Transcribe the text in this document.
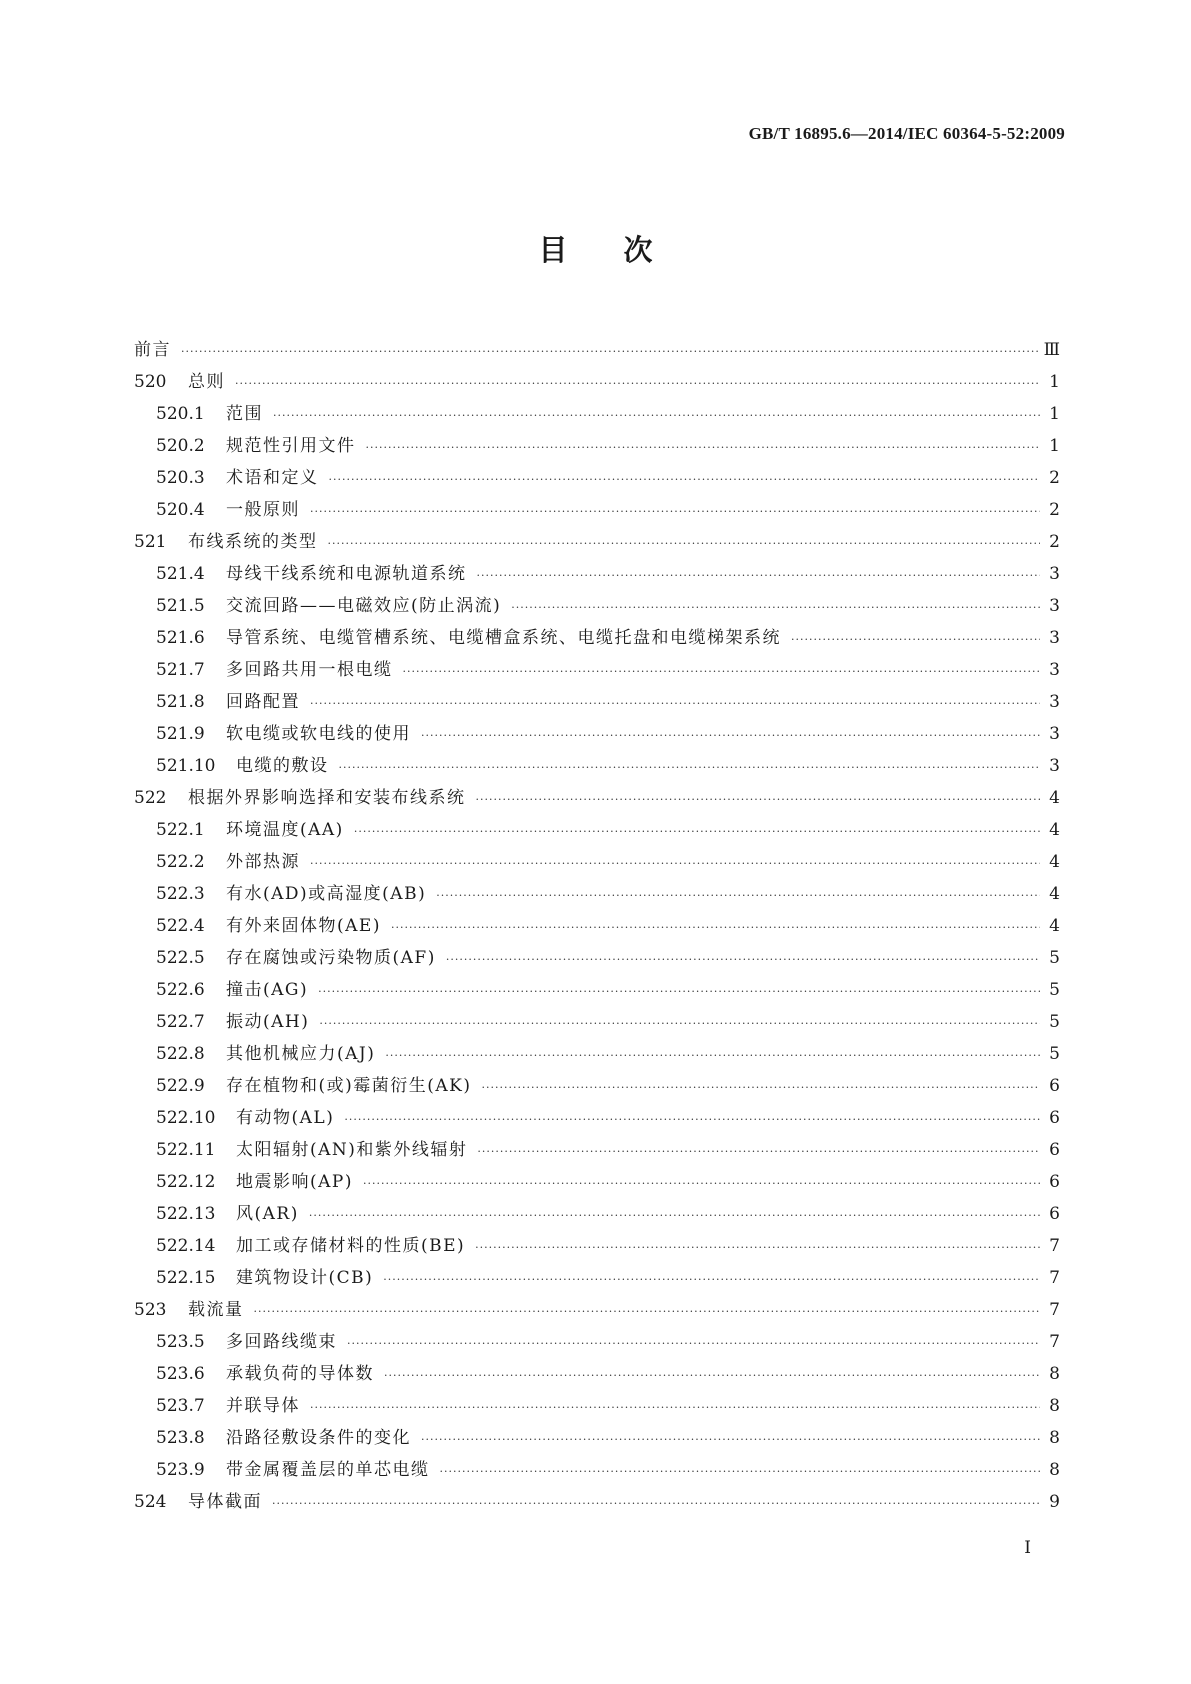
GB/T 16895.6—2014/IEC 60364-5-52:2009
目次
前言 ·····	Ⅲ
520	总则 ·····	1
520.1	范围 ·····	1
520.2	规范性引用文件 ·····	1
520.3	术语和定义 ·····	2
520.4	一般原则 ·····	2
521	布线系统的类型 ·····	2
521.4	母线干线系统和电源轨道系统 ·····	3
521.5	交流回路——电磁效应(防止涡流) ·····	3
521.6	导管系统、电缆管槽系统、电缆槽盒系统、电缆托盘和电缆梯架系统 ·····	3
521.7	多回路共用一根电缆 ·····	3
521.8	回路配置 ·····	3
521.9	软电缆或软电线的使用 ·····	3
521.10	电缆的敷设 ·····	3
522	根据外界影响选择和安装布线系统 ·····	4
522.1	环境温度(AA) ·····	4
522.2	外部热源 ·····	4
522.3	有水(AD)或高湿度(AB) ·····	4
522.4	有外来固体物(AE) ·····	4
522.5	存在腐蚀或污染物质(AF) ·····	5
522.6	撞击(AG) ·····	5
522.7	振动(AH) ·····	5
522.8	其他机械应力(AJ) ·····	5
522.9	存在植物和(或)霉菌衍生(AK) ·····	6
522.10	有动物(AL) ·····	6
522.11	太阳辐射(AN)和紫外线辐射 ·····	6
522.12	地震影响(AP) ·····	6
522.13	风(AR) ·····	6
522.14	加工或存储材料的性质(BE) ·····	7
522.15	建筑物设计(CB) ·····	7
523	载流量 ·····	7
523.5	多回路线缆束 ·····	7
523.6	承载负荷的导体数 ·····	8
523.7	并联导体 ·····	8
523.8	沿路径敷设条件的变化 ·····	8
523.9	带金属覆盖层的单芯电缆 ·····	8
524	导体截面 ·····	9
I
